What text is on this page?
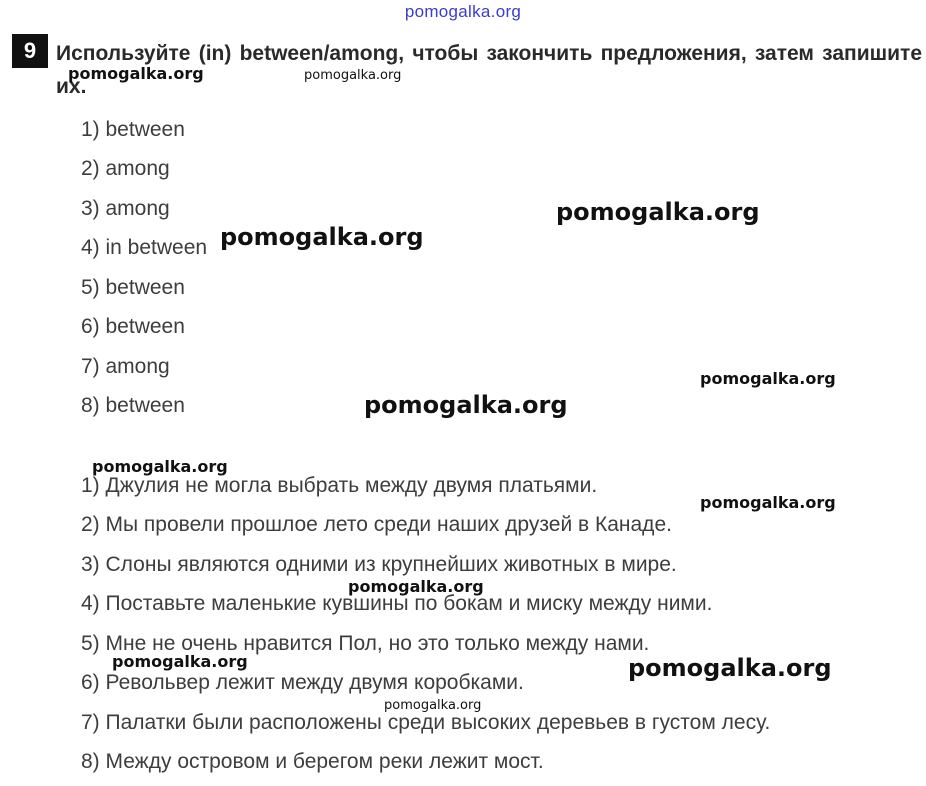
pomogalka.org
9 Используйте (in) between/among, чтобы закончить предложения, затем запишите их.
1) between
2) among
3) among
4) in between
5) between
6) between
7) among
8) between
1) Джулия не могла выбрать между двумя платьями.
2) Мы провели прошлое лето среди наших друзей в Канаде.
3) Слоны являются одними из крупнейших животных в мире.
4) Поставьте маленькие кувшины по бокам и миску между ними.
5) Мне не очень нравится Пол, но это только между нами.
6) Револьвер лежит между двумя коробками.
7) Палатки были расположены среди высоких деревьев в густом лесу.
8) Между островом и берегом реки лежит мост.
pomogalka.org	pomogalka.org
pomogalka.org
pomogalka.org
pomogalka.org
pomogalka.org
pomogalka.org
pomogalka.org
pomogalka.org
pomogalka.org	pomogalka.org
pomogalka.org
